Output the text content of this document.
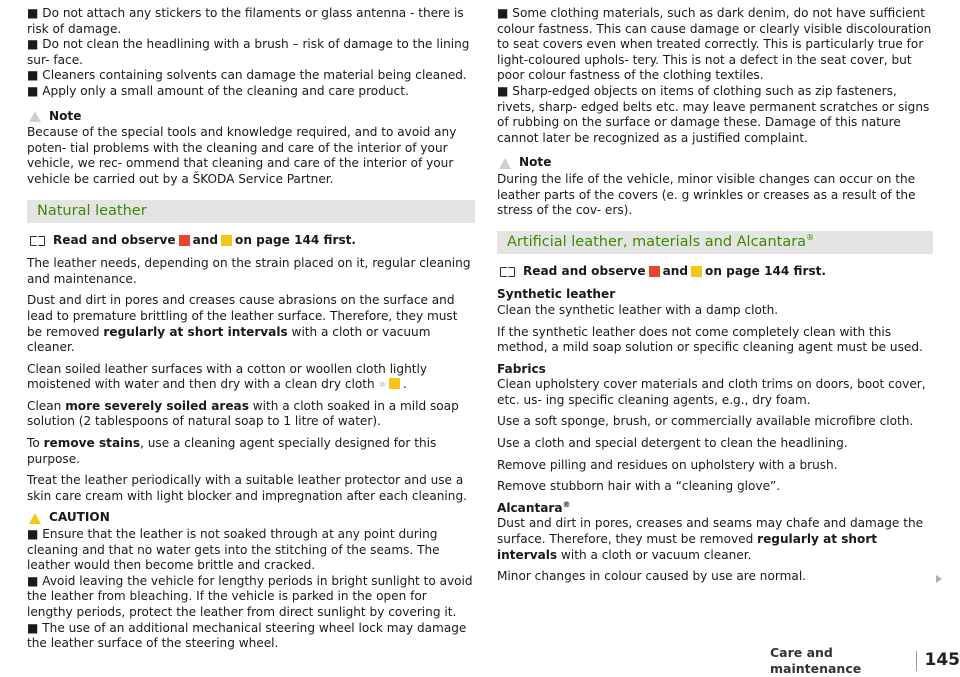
■ Do not attach any stickers to the filaments or glass antenna - there is risk of damage.

■ Do not clean the headlining with a brush – risk of damage to the lining sur- face.

■ Cleaners containing solvents can damage the material being cleaned.

■ Apply only a small amount of the cleaning and care product.

Note

Because of the special tools and knowledge required, and to avoid any poten- tial problems with the cleaning and care of the interior of your vehicle, we rec- ommend that cleaning and care of the interior of your vehicle be carried out by a ŠKODA Service Partner.

Natural leather
Read and observe and on page 144 first.

The leather needs, depending on the strain placed on it, regular cleaning and maintenance.

Dust and dirt in pores and creases cause abrasions on the surface and lead to premature brittling of the leather surface. Therefore, they must be removed regularly at short intervals with a cloth or vacuum cleaner.

Clean soiled leather surfaces with a cotton or woollen cloth lightly moistened with water and then dry with a clean dry cloth » .

Clean more severely soiled areas with a cloth soaked in a mild soap solution (2 tablespoons of natural soap to 1 litre of water).

To remove stains, use a cleaning agent specially designed for this purpose.

Treat the leather periodically with a suitable leather protector and use a skin care cream with light blocker and impregnation after each cleaning.

CAUTION

■ Ensure that the leather is not soaked through at any point during cleaning and that no water gets into the stitching of the seams. The leather would then become brittle and cracked.

■ Avoid leaving the vehicle for lengthy periods in bright sunlight to avoid the leather from bleaching. If the vehicle is parked in the open for lengthy periods, protect the leather from direct sunlight by covering it.

■ The use of an additional mechanical steering wheel lock may damage the leather surface of the steering wheel.

■ Some clothing materials, such as dark denim, do not have sufficient colour fastness. This can cause damage or clearly visible discolouration to seat covers even when treated correctly. This is particularly true for light-coloured uphols- tery. This is not a defect in the seat cover, but poor colour fastness of the clothing textiles.

■ Sharp-edged objects on items of clothing such as zip fasteners, rivets, sharp- edged belts etc. may leave permanent scratches or signs of rubbing on the surface or damage these. Damage of this nature cannot later be recognized as a justified complaint.

Note

During the life of the vehicle, minor visible changes can occur on the leather parts of the covers (e. g wrinkles or creases as a result of the stress of the cov- ers).

Artificial leather, materials and Alcantara®
Read and observe and on page 144 first.

Synthetic leather

Clean the synthetic leather with a damp cloth.

If the synthetic leather does not come completely clean with this method, a mild soap solution or specific cleaning agent must be used.

Fabrics

Clean upholstery cover materials and cloth trims on doors, boot cover, etc. us- ing specific cleaning agents, e.g., dry foam.

Use a soft sponge, brush, or commercially available microfibre cloth.

Use a cloth and special detergent to clean the headlining.

Remove pilling and residues on upholstery with a brush.

Remove stubborn hair with a “cleaning glove”.

Alcantara®

Dust and dirt in pores, creases and seams may chafe and damage the surface. Therefore, they must be removed regularly at short intervals with a cloth or vacuum cleaner.

Minor changes in colour caused by use are normal.

Care and maintenance	145
